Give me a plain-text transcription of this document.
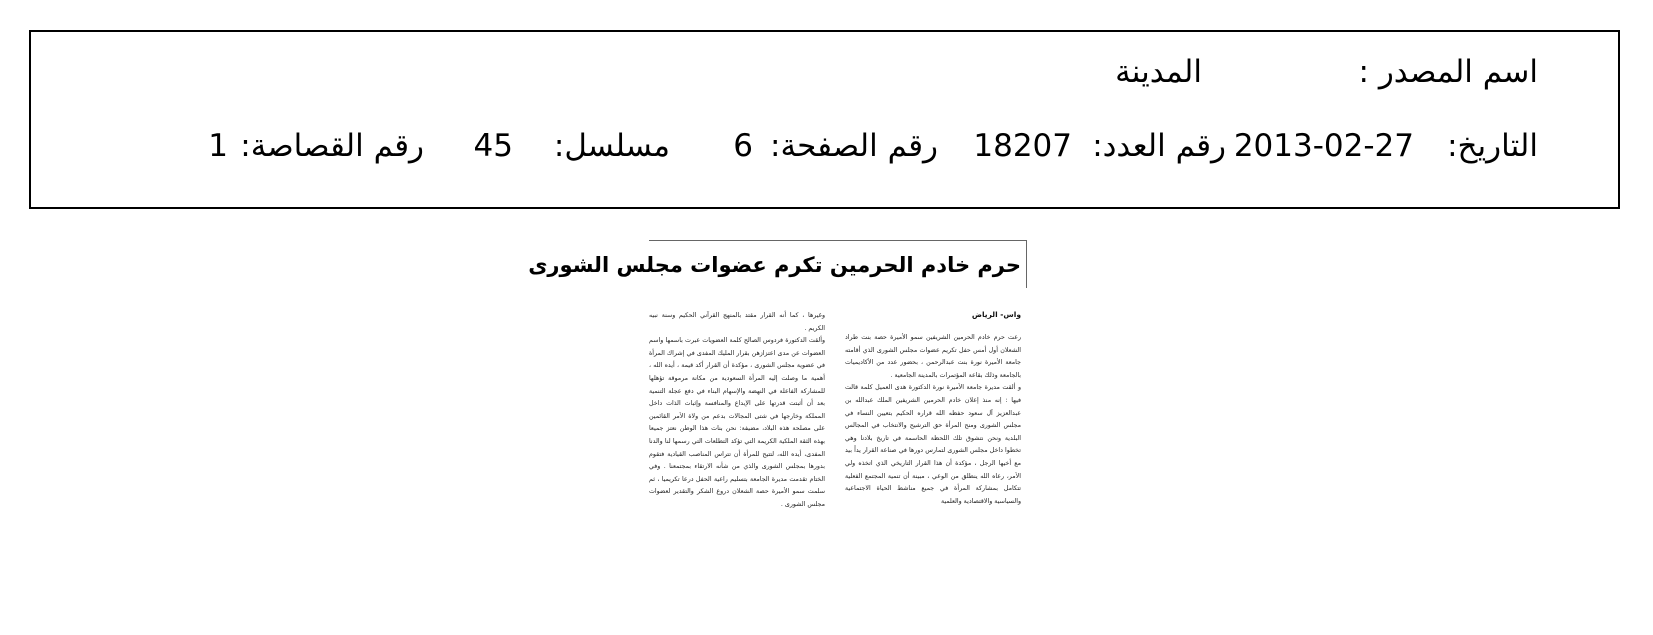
اسم المصدر :
المدينة
التاريخ:
2013-02-27
رقم العدد:
18207
رقم الصفحة:
6
مسلسل:
45
رقم القصاصة:
1
حرم خادم الحرمين تكرم عضوات مجلس الشورى
واس- الرياض
رعت حرم خادم الحرمين الشريفين سمو الأميرة حصة بنت طراد الشعلان أول أمس حفل تكريم عضوات مجلس الشورى الذي أقامته جامعة الأميرة نورة بنت عبدالرحمن ، بحضور عدد من الأكاديميات بالجامعة وذلك بقاعة المؤتمرات بالمدينة الجامعية .
و ألقت مديرة جامعة الأميرة نورة الدكتورة هدى العميل كلمة قالت فيها : إنه منذ إعلان خادم الحرمين الشريفين الملك عبدالله بن عبدالعزيز آل سعود حفظه الله قراره الحكيم بتعيين النساء في مجلس الشورى ومنح المرأة حق الترشيح والانتخاب في المجالس البلدية ونحن نتشوق تلك اللحظة الحاسمة في تاريخ بلادنا وهي تخطوا داخل مجلس الشورى لتمارس دورها في صناعة القرار يداً بيد مع أخيها الرجل ، مؤكدة أن هذا القرار التاريخي الذي اتخذه ولي الأمر، رعاه الله ينطلق من الوعي ، مبينة أن تنمية المجتمع الفعلية تتكامل بمشاركة المرأة في جميع مناشط الحياة الاجتماعية والسياسية والاقتصادية والعلمية
وغيرها ، كما أنه القرار مقتد بالمنهج القرآني الحكيم وسنة نبيه الكريم .
وألقت الدكتورة فردوس الصالح كلمة العضويات عبرت باسمها واسم العضوات عن مدى اعتزازهن بقرار المليك المفدى في إشراك المرأة في عضوية مجلس الشورى ، مؤكدة أن القرار أكد قيمة ، أيده الله ، أهمية ما وصلت إليه المرأة السعودية من مكانة مرموقة تؤهلها للمشاركة الفاعلة في النهضة والإسهام البناء في دفع عجلة التنمية بعد أن أثبتت قدرتها على الإبداع والمنافسة وإثبات الذات داخل المملكة وخارجها في شتى المجالات بدعم من ولاة الأمر القائمين على مصلحة هذه البلاد، مضيفة: نحن بنات هذا الوطن نعتز جميعا بهذه الثقة الملكية الكريمة التي تؤكد التطلعات التي رسمها لنا والدنا المفدى، أيده الله، لتتيح للمرأة أن تتراس المناصب القيادية فتقوم بدورها بمجلس الشورى والذي من شأنه الارتقاء بمجتمعنا . وفي الختام تقدمت مديرة الجامعة بتسليم راعية الحفل درعا تكريميا ، ثم سلمت سمو الأميرة حصة الشعلان دروع الشكر والتقدير لعضوات مجلس الشورى .
